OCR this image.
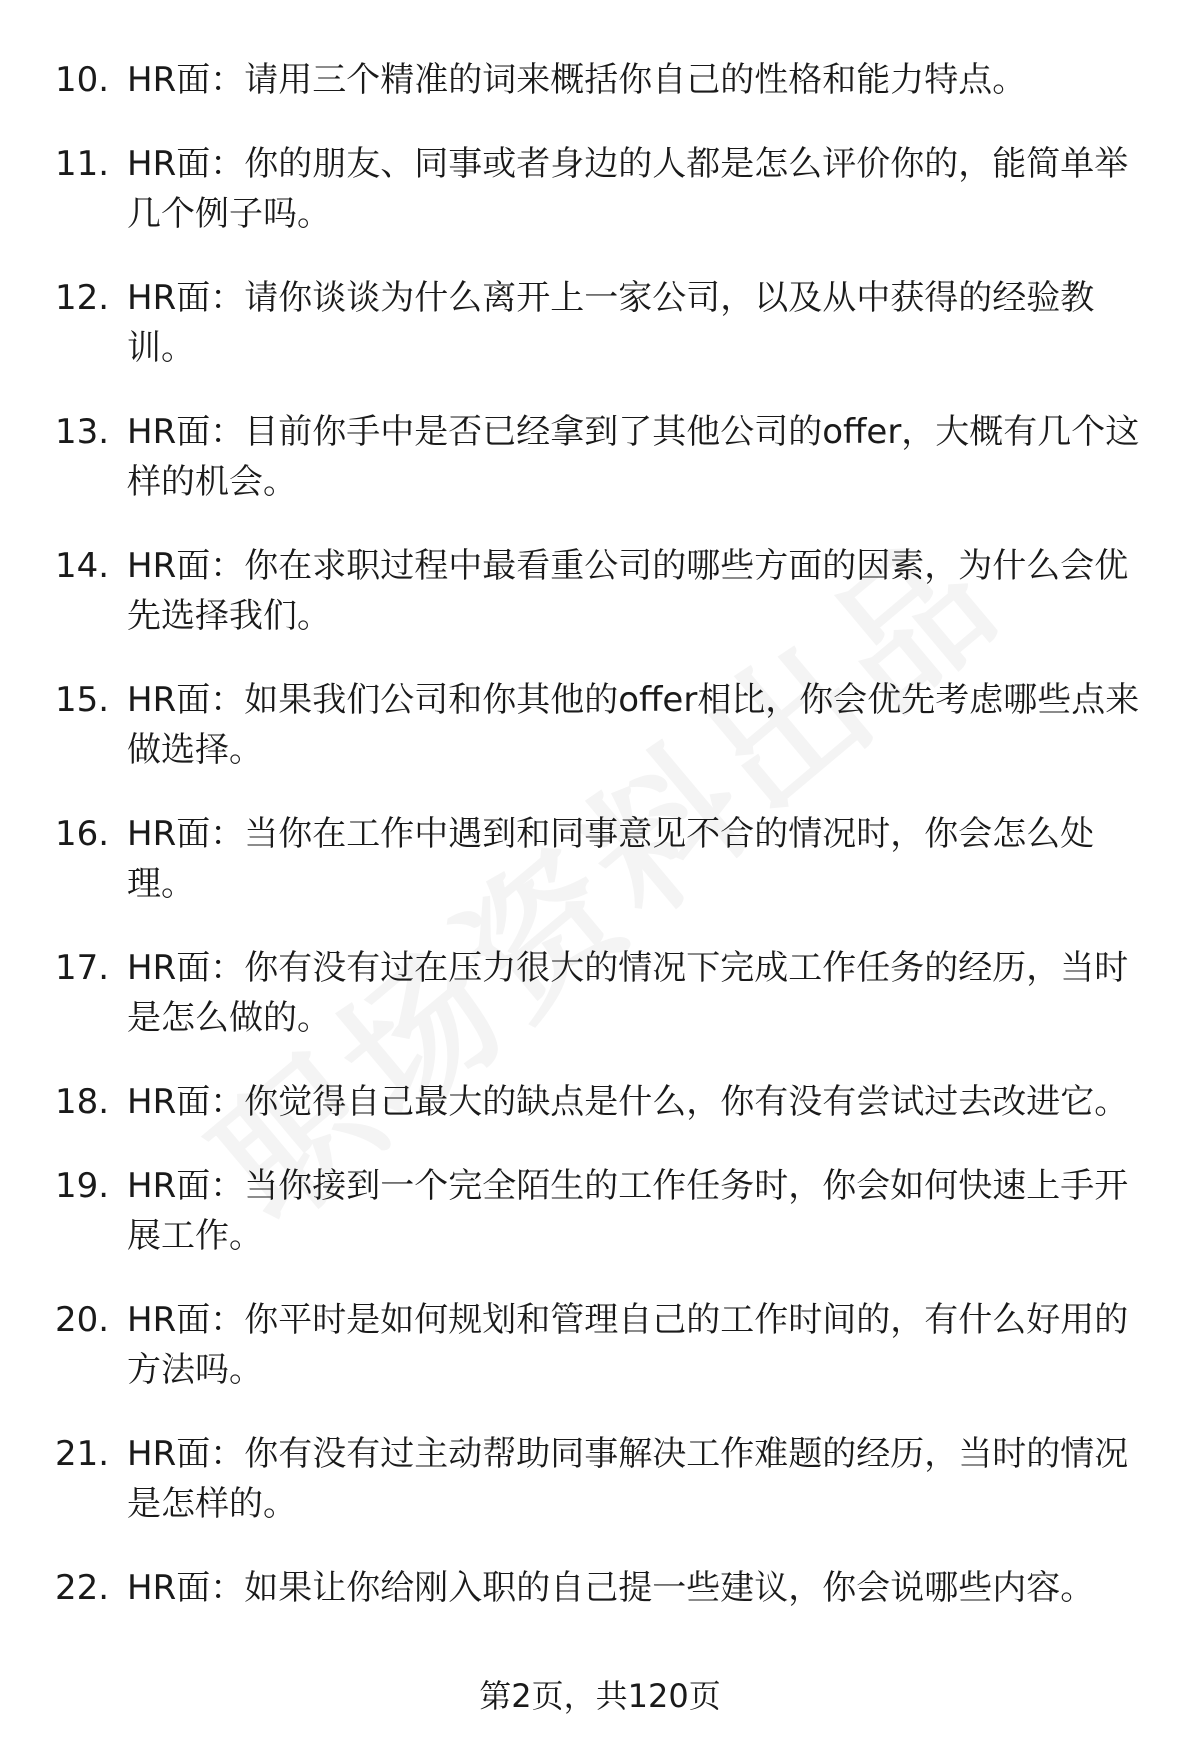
10. HR面：请用三个精准的词来概括你自己的性格和能力特点。
11. HR面：你的朋友、同事或者身边的人都是怎么评价你的，能简单举几个例子吗。
12. HR面：请你谈谈为什么离开上一家公司，以及从中获得的经验教训。
13. HR面：目前你手中是否已经拿到了其他公司的offer，大概有几个这样的机会。
14. HR面：你在求职过程中最看重公司的哪些方面的因素，为什么会优先选择我们。
15. HR面：如果我们公司和你其他的offer相比，你会优先考虑哪些点来做选择。
16. HR面：当你在工作中遇到和同事意见不合的情况时，你会怎么处理。
17. HR面：你有没有过在压力很大的情况下完成工作任务的经历，当时是怎么做的。
18. HR面：你觉得自己最大的缺点是什么，你有没有尝试过去改进它。
19. HR面：当你接到一个完全陌生的工作任务时，你会如何快速上手开展工作。
20. HR面：你平时是如何规划和管理自己的工作时间的，有什么好用的方法吗。
21. HR面：你有没有过主动帮助同事解决工作难题的经历，当时的情况是怎样的。
22. HR面：如果让你给刚入职的自己提一些建议，你会说哪些内容。
第2页，共120页
